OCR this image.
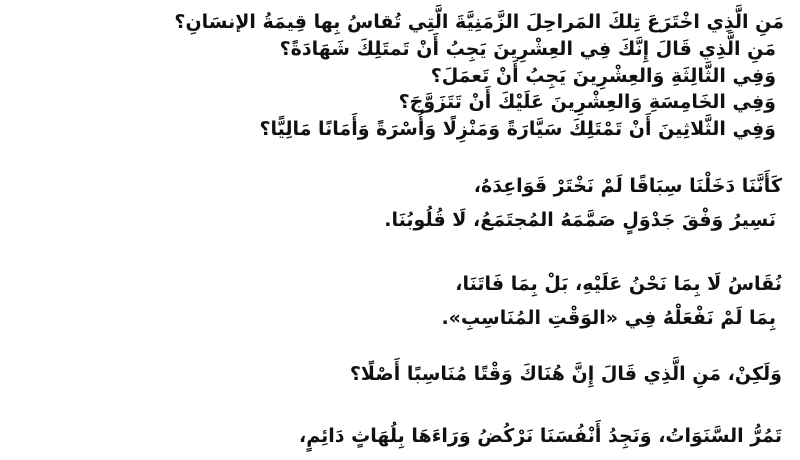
مَنِ الَّذِي اخْتَرَعَ تِلكَ المَراحِلَ الزَّمَنِيَّةَ الَّتِي تُقاسُ بِها قِيمَةُ الإنسَانِ؟
مَنِ الَّذِي قَالَ إِنَّكَ فِي العِشْرِينَ يَجِبُ أَنْ تَمتَلِكَ شَهَادَةً؟
وَفِي الثَّالِثَةِ وَالعِشْرِينَ يَجِبُ أَنْ تَعمَلَ؟
وَفِي الخَامِسَةِ وَالعِشْرِينَ عَلَيْكَ أَنْ تَتَزَوَّجَ؟
وَفِي الثَّلاثِينَ أَنْ تَمْتَلِكَ سَيَّارَةً وَمَنْزِلًا وَأُسْرَةً وَأَمَانًا مَالِيًّا؟
كَأَنَّنَا دَخَلْنَا سِبَاقًا لَمْ نَخْتَرْ قَوَاعِدَهُ،
نَسِيرُ وَفْقَ جَدْوَلٍ صَمَّمَهُ المُجتَمَعُ، لَا قُلُوبُنَا.
نُقَاسُ لَا بِمَا نَحْنُ عَلَيْهِ، بَلْ بِمَا فَاتَنَا،
بِمَا لَمْ نَفْعَلْهُ فِي «الوَقْتِ المُنَاسِبِ».
وَلَكِنْ، مَنِ الَّذِي قَالَ إِنَّ هُنَاكَ وَقْتًا مُنَاسِبًا أَصْلًا؟
تَمُرُّ السَّنَوَاتُ، وَنَجِدُ أَنْفُسَنَا نَرْكُضُ وَرَاءَهَا بِلُهَاثٍ دَائِمٍ،
